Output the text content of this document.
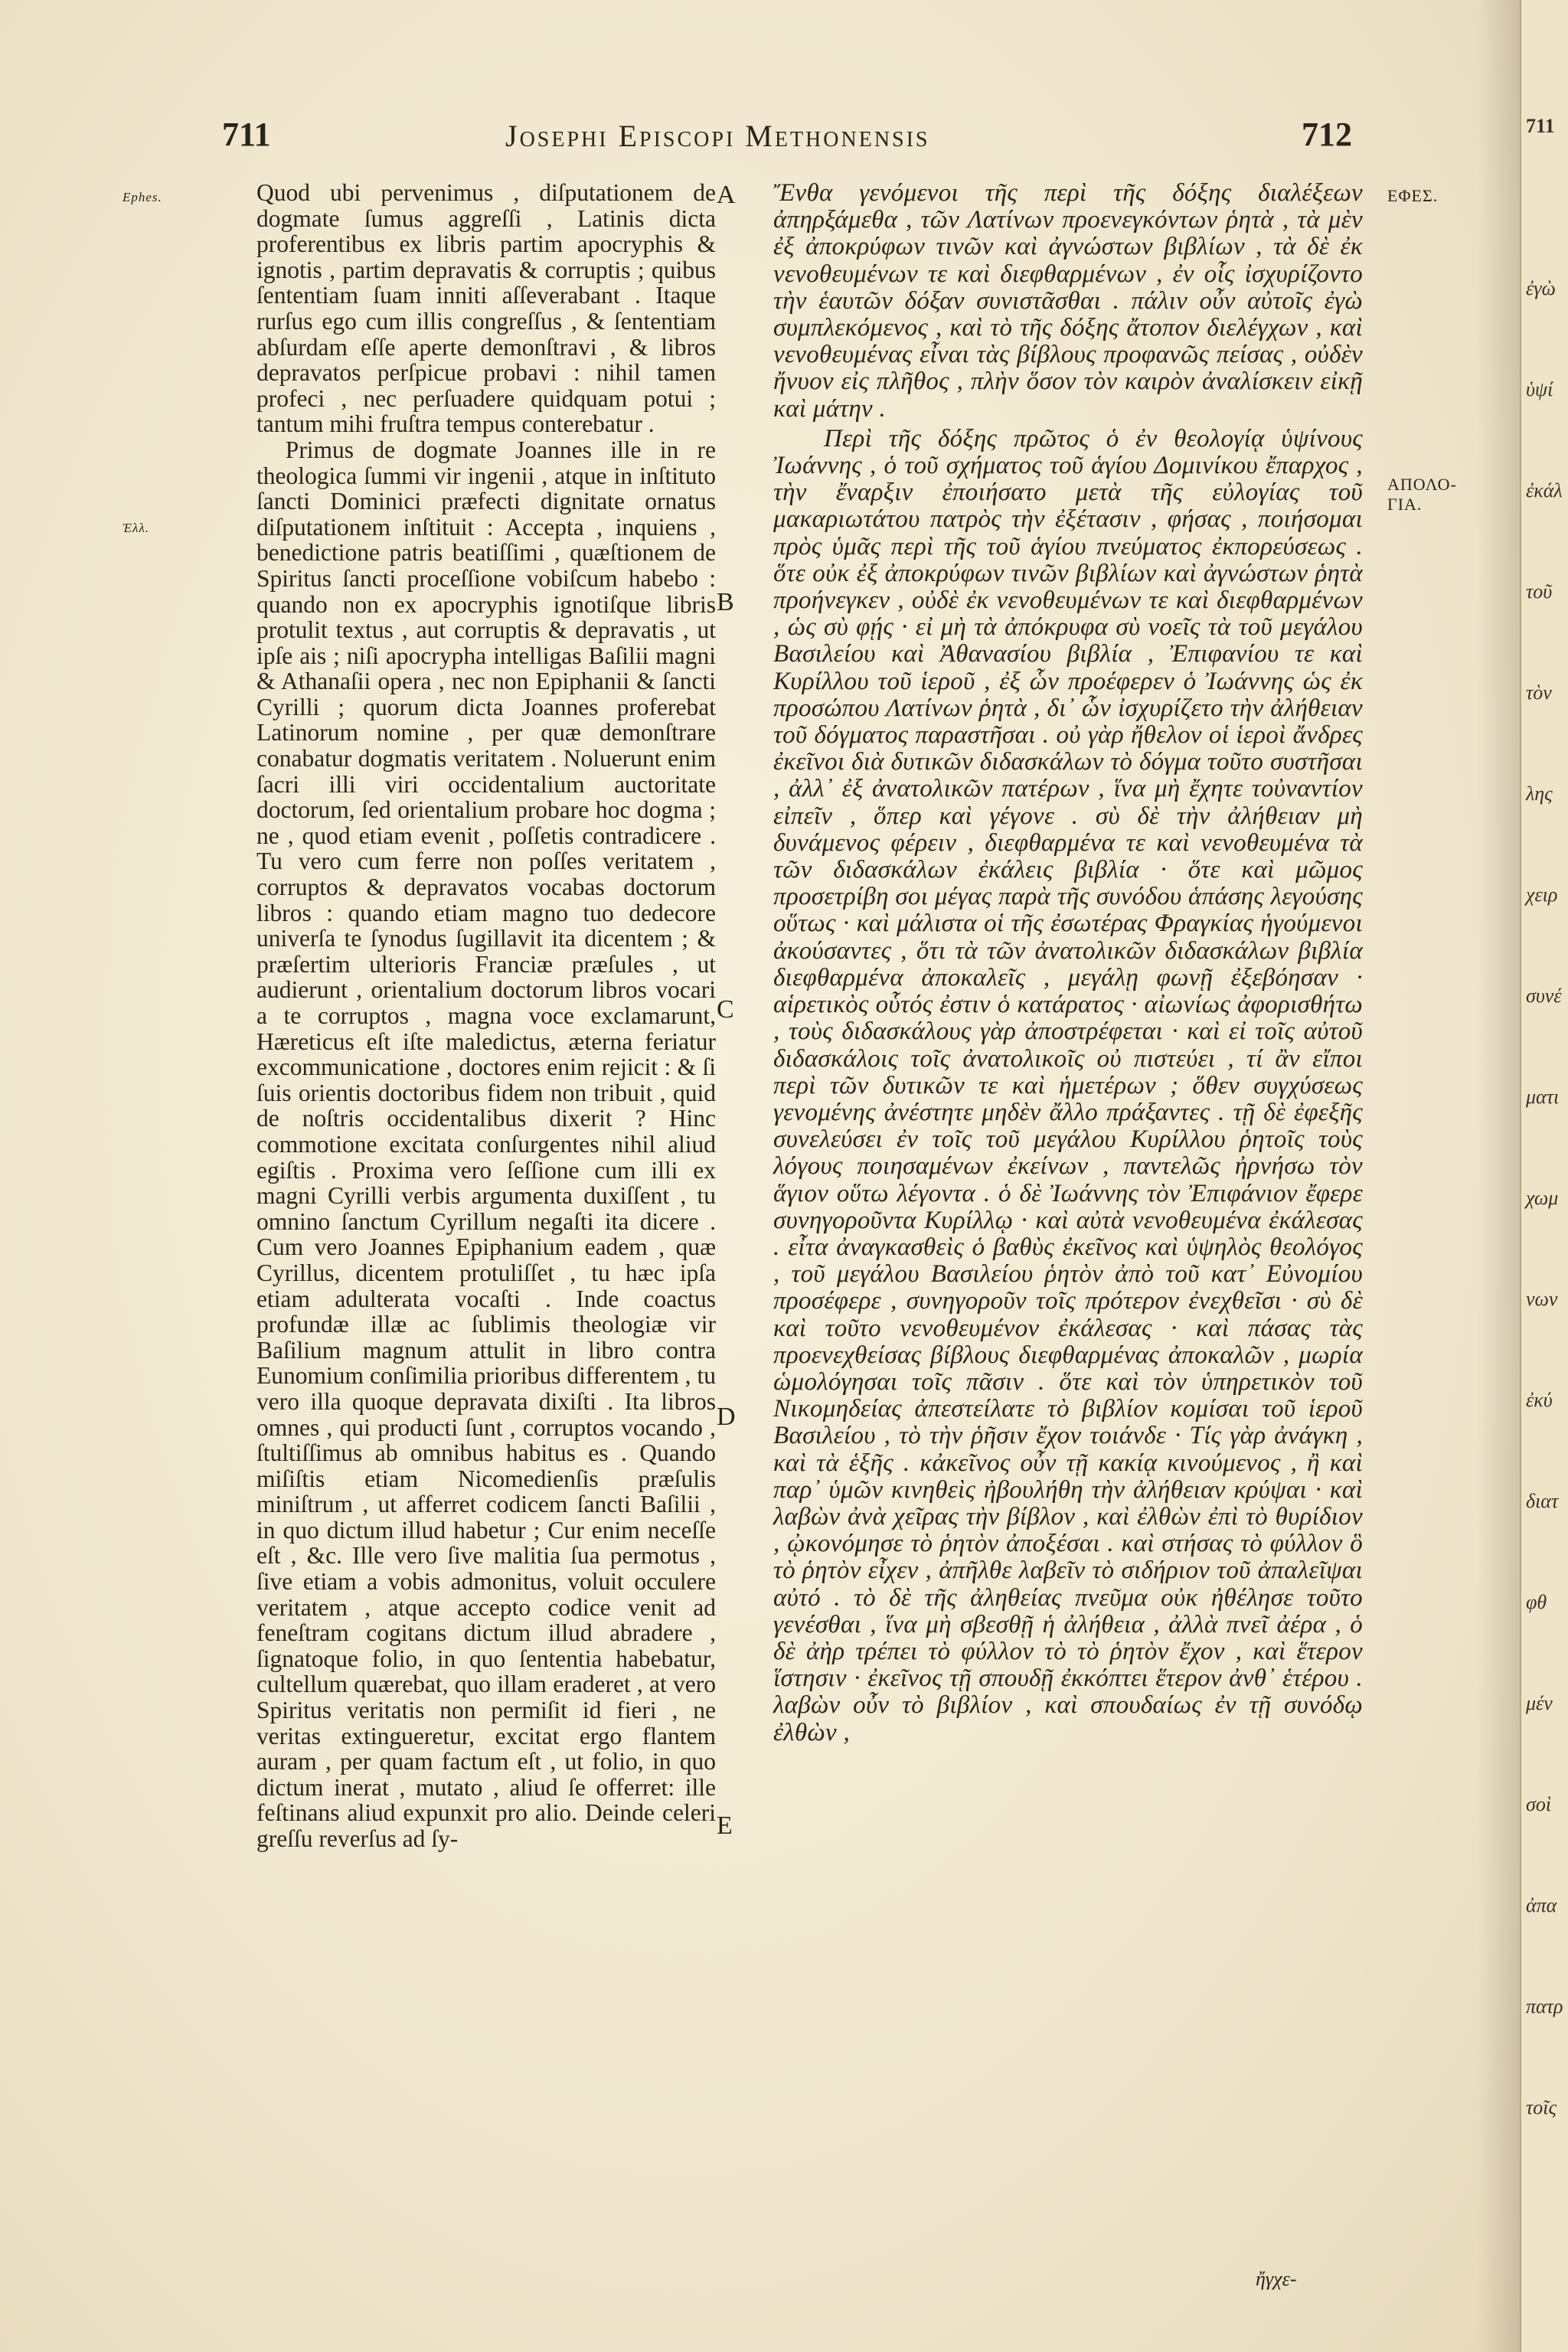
711	Josephi Episcopi Methonensis	712
Ephes.
Ἐλλ.
ΕΦΕΣ.
ΑΠΟΛΟ-
ΓΙΑ.
A
B
C
D
E

Quod ubi pervenimus , diſputationem de dogmate ſumus aggreſſi , Latinis dicta proferentibus ex libris partim apocryphis & ignotis , partim depravatis & corruptis ; quibus ſententiam ſuam inniti aſſeverabant . Itaque rurſus ego cum illis congreſſus , & ſententiam abſurdam eſſe aperte demonſtravi , & libros depravatos perſpicue probavi : nihil tamen profeci , nec perſuadere quidquam potui ; tantum mihi fruſtra tempus conterebatur .

Primus de dogmate Joannes ille in re theologica ſummi vir ingenii , atque in inſtituto ſancti Dominici præfecti dignitate ornatus diſputationem inſtituit : Accepta , inquiens , benedictione patris beatiſſimi , quæſtionem de Spiritus ſancti proceſſione vobiſcum habebo : quando non ex apocryphis ignotiſque libris protulit textus , aut corruptis & depravatis , ut ipſe ais ; niſi apocrypha intelligas Baſilii magni & Athanaſii opera , nec non Epiphanii & ſancti Cyrilli ; quorum dicta Joannes proferebat Latinorum nomine , per quæ demonſtrare conabatur dogmatis veritatem . Noluerunt enim ſacri illi viri occidentalium auctoritate doctorum, ſed orientalium probare hoc dogma ; ne , quod etiam evenit , poſſetis contradicere . Tu vero cum ferre non poſſes veritatem , corruptos & depravatos vocabas doctorum libros : quando etiam magno tuo dedecore univerſa te ſynodus ſugillavit ita dicentem ; & præſertim ulterioris Franciæ præſules , ut audierunt , orientalium doctorum libros vocari a te corruptos , magna voce exclamarunt, Hæreticus eſt iſte maledictus, æterna feriatur excommunicatione , doctores enim rejicit : & ſi ſuis orientis doctoribus fidem non tribuit , quid de noſtris occidentalibus dixerit ? Hinc commotione excitata conſurgentes nihil aliud egiſtis . Proxima vero ſeſſione cum illi ex magni Cyrilli verbis argumenta duxiſſent , tu omnino ſanctum Cyrillum negaſti ita dicere . Cum vero Joannes Epiphanium eadem , quæ Cyrillus, dicentem protuliſſet , tu hæc ipſa etiam adulterata vocaſti . Inde coactus profundæ illæ ac ſublimis theologiæ vir Baſilium magnum attulit in libro contra Eunomium conſimilia prioribus differentem , tu vero illa quoque depravata dixiſti . Ita libros omnes , qui producti ſunt , corruptos vocando , ſtultiſſimus ab omnibus habitus es . Quando miſiſtis etiam Nicomedienſis præſulis miniſtrum , ut afferret codicem ſancti Baſilii , in quo dictum illud habetur ; Cur enim neceſſe eſt , &c. Ille vero ſive malitia ſua permotus , ſive etiam a vobis admonitus, voluit occulere veritatem , atque accepto codice venit ad feneſtram cogitans dictum illud abradere , ſignatoque folio, in quo ſententia habebatur, cultellum quærebat, quo illam eraderet , at vero Spiritus veritatis non permiſit id fieri , ne veritas extingueretur, excitat ergo flantem auram , per quam factum eſt , ut folio, in quo dictum inerat , mutato , aliud ſe offerret: ille feſtinans aliud expunxit pro alio. Deinde celeri greſſu reverſus ad ſy-

Ἔνθα γενόμενοι τῆς περὶ τῆς δόξης διαλέξεων ἀπηρξάμεθα , τῶν Λατίνων προενεγκόντων ῥητὰ , τὰ μὲν ἐξ ἀποκρύφων τινῶν καὶ ἀγνώστων βιβλίων , τὰ δὲ ἐκ νενοθευμένων τε καὶ διεφθαρμένων , ἐν οἷς ἰσχυρίζοντο τὴν ἑαυτῶν δόξαν συνιστᾶσθαι . πάλιν οὖν αὐτοῖς ἐγὼ συμπλεκόμενος , καὶ τὸ τῆς δόξης ἄτοπον διελέγχων , καὶ νενοθευμένας εἶναι τὰς βίβλους προφανῶς πείσας , οὐδὲν ἤνυον εἰς πλῆθος , πλὴν ὅσον τὸν καιρὸν ἀναλίσκειν εἰκῇ καὶ μάτην .

Περὶ τῆς δόξης πρῶτος ὁ ἐν θεολογίᾳ ὑψίνους Ἰωάννης , ὁ τοῦ σχήματος τοῦ ἁγίου Δομινίκου ἔπαρχος , τὴν ἔναρξιν ἐποιήσατο μετὰ τῆς εὐλογίας τοῦ μακαριωτάτου πατρὸς τὴν ἐξέτασιν , φήσας , ποιήσομαι πρὸς ὑμᾶς περὶ τῆς τοῦ ἁγίου πνεύματος ἐκπορεύσεως . ὅτε οὐκ ἐξ ἀποκρύφων τινῶν βιβλίων καὶ ἀγνώστων ῥητὰ προήνεγκεν , οὐδὲ ἐκ νενοθευμένων τε καὶ διεφθαρμένων , ὡς σὺ φῄς · εἰ μὴ τὰ ἀπόκρυφα σὺ νοεῖς τὰ τοῦ μεγάλου Βασιλείου καὶ Ἀθανασίου βιβλία , Ἐπιφανίου τε καὶ Κυρίλλου τοῦ ἱεροῦ , ἐξ ὧν προέφερεν ὁ Ἰωάννης ὡς ἐκ προσώπου Λατίνων ῥητὰ , δι᾽ ὧν ἰσχυρίζετο τὴν ἀλήθειαν τοῦ δόγματος παραστῆσαι . οὐ γὰρ ἤθελον οἱ ἱεροὶ ἄνδρες ἐκεῖνοι διὰ δυτικῶν διδασκάλων τὸ δόγμα τοῦτο συστῆσαι , ἀλλ᾽ ἐξ ἀνατολικῶν πατέρων , ἵνα μὴ ἔχητε τοὐναντίον εἰπεῖν , ὅπερ καὶ γέγονε . σὺ δὲ τὴν ἀλήθειαν μὴ δυνάμενος φέρειν , διεφθαρμένα τε καὶ νενοθευμένα τὰ τῶν διδασκάλων ἐκάλεις βιβλία · ὅτε καὶ μῶμος προσετρίβη σοι μέγας παρὰ τῆς συνόδου ἁπάσης λεγούσης οὕτως · καὶ μάλιστα οἱ τῆς ἐσωτέρας Φραγκίας ἡγούμενοι ἀκούσαντες , ὅτι τὰ τῶν ἀνατολικῶν διδασκάλων βιβλία διεφθαρμένα ἀποκαλεῖς , μεγάλῃ φωνῇ ἐξεβόησαν · αἱρετικὸς οὗτός ἐστιν ὁ κατάρατος · αἰωνίως ἀφορισθήτω , τοὺς διδασκάλους γὰρ ἀποστρέφεται · καὶ εἰ τοῖς αὐτοῦ διδασκάλοις τοῖς ἀνατολικοῖς οὐ πιστεύει , τί ἂν εἴποι περὶ τῶν δυτικῶν τε καὶ ἡμετέρων ; ὅθεν συγχύσεως γενομένης ἀνέστητε μηδὲν ἄλλο πράξαντες . τῇ δὲ ἐφεξῆς συνελεύσει ἐν τοῖς τοῦ μεγάλου Κυρίλλου ῥητοῖς τοὺς λόγους ποιησαμένων ἐκείνων , παντελῶς ἠρνήσω τὸν ἅγιον οὕτω λέγοντα . ὁ δὲ Ἰωάννης τὸν Ἐπιφάνιον ἔφερε συνηγοροῦντα Κυρίλλῳ · καὶ αὐτὰ νενοθευμένα ἐκάλεσας . εἶτα ἀναγκασθεὶς ὁ βαθὺς ἐκεῖνος καὶ ὑψηλὸς θεολόγος , τοῦ μεγάλου Βασιλείου ῥητὸν ἀπὸ τοῦ κατ᾽ Εὐνομίου προσέφερε , συνηγοροῦν τοῖς πρότερον ἐνεχθεῖσι · σὺ δὲ καὶ τοῦτο νενοθευμένον ἐκάλεσας · καὶ πάσας τὰς προενεχθείσας βίβλους διεφθαρμένας ἀποκαλῶν , μωρία ὡμολόγησαι τοῖς πᾶσιν . ὅτε καὶ τὸν ὑπηρετικὸν τοῦ Νικομηδείας ἀπεστείλατε τὸ βιβλίον κομίσαι τοῦ ἱεροῦ Βασιλείου , τὸ τὴν ῥῆσιν ἔχον τοιάνδε · Τίς γὰρ ἀνάγκη , καὶ τὰ ἑξῆς . κἀκεῖνος οὖν τῇ κακίᾳ κινούμενος , ἢ καὶ παρ᾽ ὑμῶν κινηθεὶς ἠβουλήθη τὴν ἀλήθειαν κρύψαι · καὶ λαβὼν ἀνὰ χεῖρας τὴν βίβλον , καὶ ἐλθὼν ἐπὶ τὸ θυρίδιον , ᾠκονόμησε τὸ ῥητὸν ἀποξέσαι . καὶ στήσας τὸ φύλλον ὃ τὸ ῥητὸν εἶχεν , ἀπῆλθε λαβεῖν τὸ σιδήριον τοῦ ἀπαλεῖψαι αὐτό . τὸ δὲ τῆς ἀληθείας πνεῦμα οὐκ ἠθέλησε τοῦτο γενέσθαι , ἵνα μὴ σβεσθῇ ἡ ἀλήθεια , ἀλλὰ πνεῖ ἀέρα , ὁ δὲ ἀὴρ τρέπει τὸ φύλλον τὸ τὸ ῥητὸν ἔχον , καὶ ἕτερον ἵστησιν · ἐκεῖνος τῇ σπουδῇ ἐκκόπτει ἕτερον ἀνθ᾽ ἑτέρου . λαβὼν οὖν τὸ βιβλίον , καὶ σπουδαίως ἐν τῇ συνόδῳ ἐλθὼν ,

ἤγχε-
711
ἐγὼ
ὑψί
ἐκάλ
τοῦ
τὸν
λης
χειρ
συνέ
ματι
χωμ
νων
ἐκύ
διατ
φθ
μέν
σοὶ
ἀπα
πατρ
τοῖς
